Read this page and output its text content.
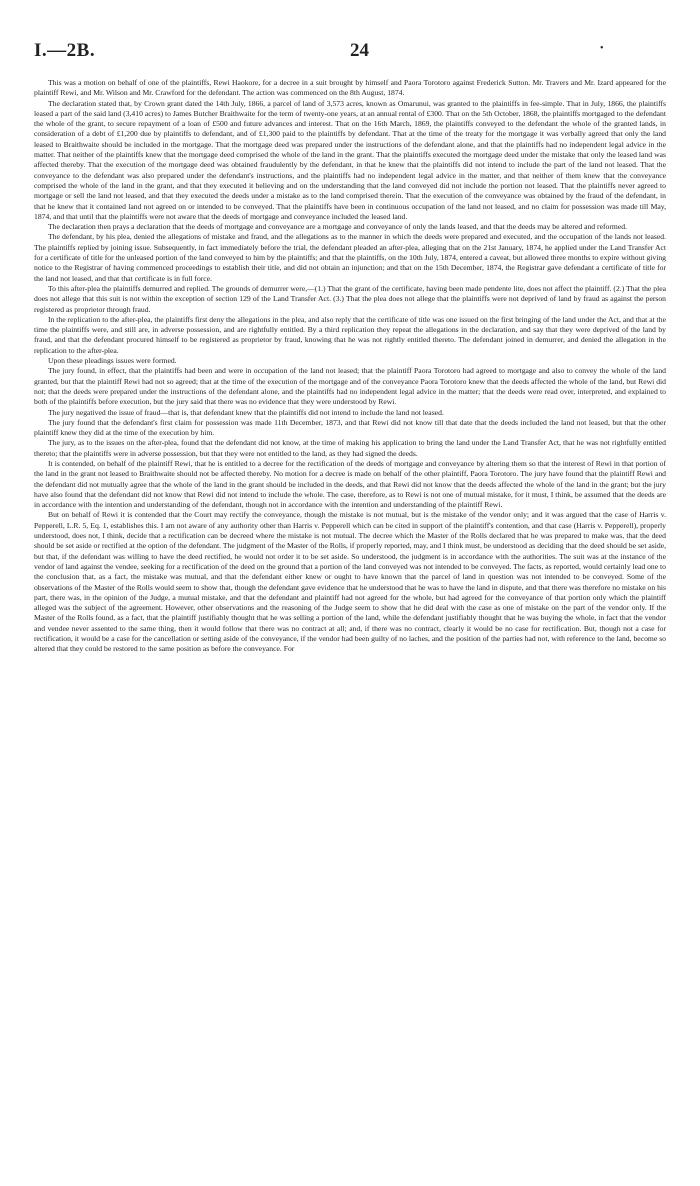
I.—2B.	24	•

This was a motion on behalf of one of the plaintiffs, Rewi Haokore, for a decree in a suit brought by himself and Paora Torotoro against Frederick Sutton. Mr. Travers and Mr. Izard appeared for the plaintiff Rewi, and Mr. Wilson and Mr. Crawford for the defendant. The action was commenced on the 8th August, 1874.

The declaration stated that, by Crown grant dated the 14th July, 1866, a parcel of land of 3,573 acres, known as Omarunui, was granted to the plaintiffs in fee-simple. That in July, 1866, the plaintiffs leased a part of the said land (3,410 acres) to James Butcher Braithwaite for the term of twenty-one years, at an annual rental of £300. That on the 5th October, 1868, the plaintiffs mortgaged to the defendant the whole of the grant, to secure repayment of a loan of £500 and future advances and interest. That on the 16th March, 1869, the plaintiffs conveyed to the defendant the whole of the granted lands, in consideration of a debt of £1,200 due by plaintiffs to defendant, and of £1,300 paid to the plaintiffs by defendant. That at the time of the treaty for the mortgage it was verbally agreed that only the land leased to Braithwaite should be included in the mortgage. That the mortgage deed was prepared under the instructions of the defendant alone, and that the plaintiffs had no independent legal advice in the matter. That neither of the plaintiffs knew that the mortgage deed comprised the whole of the land in the grant. That the plaintiffs executed the mortgage deed under the mistake that only the leased land was affected thereby. That the execution of the mortgage deed was obtained fraudulently by the defendant, in that he knew that the plaintiffs did not intend to include the part of the land not leased. That the conveyance to the defendant was also prepared under the defendant's instructions, and the plaintiffs had no independent legal advice in the matter, and that neither of them knew that the conveyance comprised the whole of the land in the grant, and that they executed it believing and on the understanding that the land conveyed did not include the portion not leased. That the plaintiffs never agreed to mortgage or sell the land not leased, and that they executed the deeds under a mistake as to the land comprised therein. That the execution of the conveyance was obtained by the fraud of the defendant, in that he knew that it contained land not agreed on or intended to be conveyed. That the plaintiffs have been in continuous occupation of the land not leased, and no claim for possession was made till May, 1874, and that until that the plaintiffs were not aware that the deeds of mortgage and conveyance included the leased land.

The declaration then prays a declaration that the deeds of mortgage and conveyance are a mortgage and conveyance of only the lands leased, and that the deeds may be altered and reformed.

The defendant, by his plea, denied the allegations of mistake and fraud, and the allegations as to the manner in which the deeds were prepared and executed, and the occupation of the lands not leased. The plaintiffs replied by joining issue. Subsequently, in fact immediately before the trial, the defendant pleaded an after-plea, alleging that on the 21st January, 1874, he applied under the Land Transfer Act for a certificate of title for the unleased portion of the land conveyed to him by the plaintiffs; and that the plaintiffs, on the 10th July, 1874, entered a caveat, but allowed three months to expire without giving notice to the Registrar of having commenced proceedings to establish their title, and did not obtain an injunction; and that on the 15th December, 1874, the Registrar gave defendant a certificate of title for the land not leased, and that that certificate is in full force.

To this after-plea the plaintiffs demurred and replied. The grounds of demurrer were,—(1.) That the grant of the certificate, having been made pendente lite, does not affect the plaintiff. (2.) That the plea does not allege that this suit is not within the exception of section 129 of the Land Transfer Act. (3.) That the plea does not allege that the plaintiffs were not deprived of land by fraud as against the person registered as proprietor through fraud.

In the replication to the after-plea, the plaintiffs first deny the allegations in the plea, and also reply that the certificate of title was one issued on the first bringing of the land under the Act, and that at the time the plaintiffs were, and still are, in adverse possession, and are rightfully entitled. By a third replication they repeat the allegations in the declaration, and say that they were deprived of the land by fraud, and that the defendant procured himself to be registered as proprietor by fraud, knowing that he was not rightly entitled thereto. The defendant joined in demurrer, and denied the allegation in the replication to the after-plea.

Upon these pleadings issues were formed.

The jury found, in effect, that the plaintiffs had been and were in occupation of the land not leased; that the plaintiff Paora Torotoro had agreed to mortgage and also to convey the whole of the land granted, but that the plaintiff Rewi had not so agreed; that at the time of the execution of the mortgage and of the conveyance Paora Torotoro knew that the deeds affected the whole of the land, but Rewi did not; that the deeds were prepared under the instructions of the defendant alone, and the plaintiffs had no independent legal advice in the matter; that the deeds were read over, interpreted, and explained to both of the plaintiffs before execution, but the jury said that there was no evidence that they were understood by Rewi.

The jury negatived the issue of fraud—that is, that defendant knew that the plaintiffs did not intend to include the land not leased.

The jury found that the defendant's first claim for possession was made 11th December, 1873, and that Rewi did not know till that date that the deeds included the land not leased, but that the other plaintiff knew they did at the time of the execution by him.

The jury, as to the issues on the after-plea, found that the defendant did not know, at the time of making his application to bring the land under the Land Transfer Act, that he was not rightfully entitled thereto; that the plaintiffs were in adverse possession, but that they were not entitled to the land, as they had signed the deeds.

It is contended, on behalf of the plaintiff Rewi, that he is entitled to a decree for the rectification of the deeds of mortgage and conveyance by altering them so that the interest of Rewi in that portion of the land in the grant not leased to Braithwaite should not be affected thereby. No motion for a decree is made on behalf of the other plaintiff, Paora Torotoro. The jury have found that the plaintiff Rewi and the defendant did not mutually agree that the whole of the land in the grant should be included in the deeds, and that Rewi did not know that the deeds affected the whole of the land in the grant; but the jury have also found that the defendant did not know that Rewi did not intend to include the whole. The case, therefore, as to Rewi is not one of mutual mistake, for it must, I think, be assumed that the deeds are in accordance with the intention and understanding of the defendant, though not in accordance with the intention and understanding of the plaintiff Rewi.

But on behalf of Rewi it is contended that the Court may rectify the conveyance, though the mistake is not mutual, but is the mistake of the vendor only; and it was argued that the case of Harris v. Pepperell, L.R. 5, Eq. 1, establishes this. I am not aware of any authority other than Harris v. Pepperell which can be cited in support of the plaintiff's contention, and that case (Harris v. Pepperell), properly understood, does not, I think, decide that a rectification can be decreed where the mistake is not mutual. The decree which the Master of the Rolls declared that he was prepared to make was, that the deed should be set aside or rectified at the option of the defendant. The judgment of the Master of the Rolls, if properly reported, may, and I think must, be understood as deciding that the deed should be set aside, but that, if the defendant was willing to have the deed rectified, he would not order it to be set aside. So understood, the judgment is in accordance with the authorities. The suit was at the instance of the vendor of land against the vendee, seeking for a rectification of the deed on the ground that a portion of the land conveyed was not intended to be conveyed. The facts, as reported, would certainly lead one to the conclusion that, as a fact, the mistake was mutual, and that the defendant either knew or ought to have known that the parcel of land in question was not intended to be conveyed. Some of the observations of the Master of the Rolls would seem to show that, though the defendant gave evidence that he understood that he was to have the land in dispute, and that there was therefore no mistake on his part, there was, in the opinion of the Judge, a mutual mistake, and that the defendant and plaintiff had not agreed for the whole, but had agreed for the conveyance of that portion only which the plaintiff alleged was the subject of the agreement. However, other observations and the reasoning of the Judge seem to show that he did deal with the case as one of mistake on the part of the vendor only. If the Master of the Rolls found, as a fact, that the plaintiff justifiably thought that he was selling a portion of the land, while the defendant justifiably thought that he was buying the whole, in fact that the vendor and vendee never assented to the same thing, then it would follow that there was no contract at all; and, if there was no contract, clearly it would be no case for rectification. But, though not a case for rectification, it would be a case for the cancellation or setting aside of the conveyance, if the vendor had been guilty of no laches, and the position of the parties had not, with reference to the land, become so altered that they could be restored to the same position as before the conveyance. For
